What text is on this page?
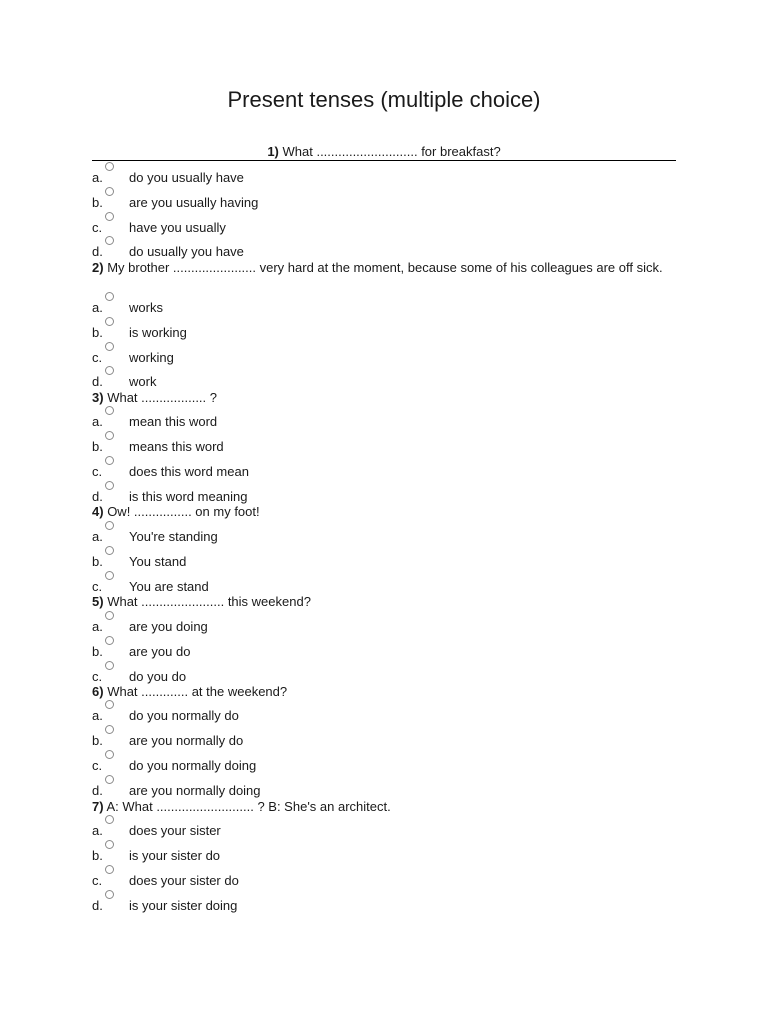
Present tenses (multiple choice)
1) What ............................ for breakfast?
a. do you usually have
b. are you usually having
c. have you usually
d. do usually you have
2) My brother ....................... very hard at the moment, because some of his colleagues are off sick.
a. works
b. is working
c. working
d. work
3) What .................. ?
a. mean this word
b. means this word
c. does this word mean
d. is this word meaning
4) Ow! ................ on my foot!
a. You're standing
b. You stand
c. You are stand
5) What ....................... this weekend?
a. are you doing
b. are you do
c. do you do
6) What ............. at the weekend?
a. do you normally do
b. are you normally do
c. do you normally doing
d. are you normally doing
7) A: What ........................... ? B: She's an architect.
a. does your sister
b. is your sister do
c. does your sister do
d. is your sister doing
